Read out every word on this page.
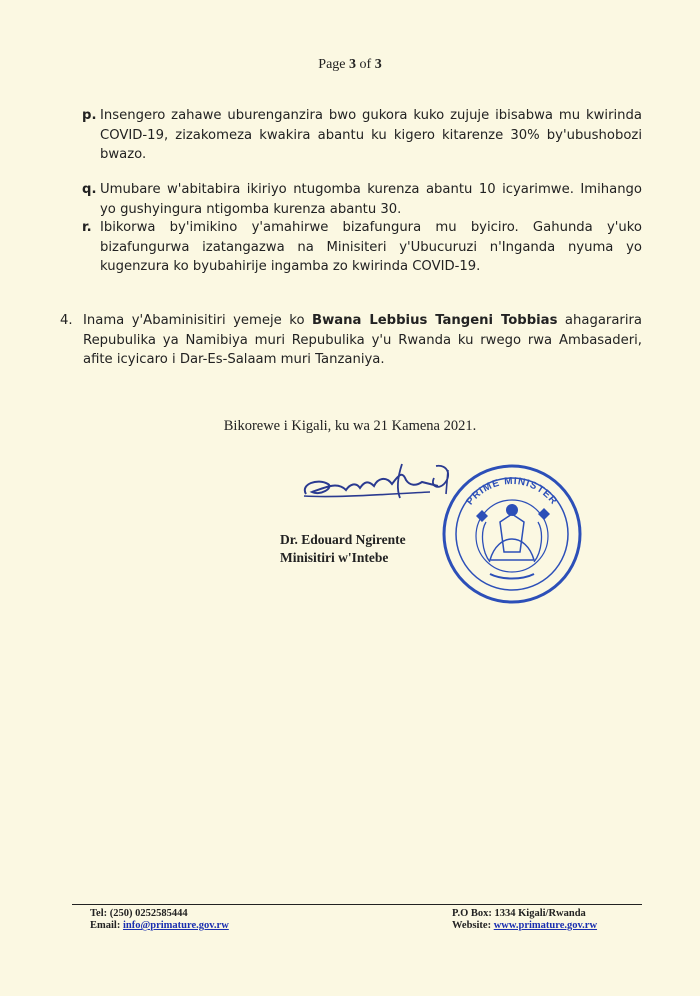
Page 3 of 3
p. Insengero zahawe uburenganzira bwo gukora kuko zujuje ibisabwa mu kwirinda COVID-19, zizakomeza kwakira abantu ku kigero kitarenze 30% by'ubushobozi bwazo.
q. Umubare w'abitabira ikiriyo ntugomba kurenza abantu 10 icyarimwe. Imihango yo gushyingura ntigomba kurenza abantu 30.
r. Ibikorwa by'imikino y'amahirwe bizafungura mu byiciro. Gahunda y'uko bizafungurwa izatangazwa na Minisiteri y'Ubucuruzi n'Inganda nyuma yo kugenzura ko byubahirije ingamba zo kwirinda COVID-19.
4. Inama y'Abaminisitiri yemeje ko Bwana Lebbius Tangeni Tobbias ahagararira Repubulika ya Namibiya muri Repubulika y'u Rwanda ku rwego rwa Ambasaderi, afite icyicaro i Dar-Es-Salaam muri Tanzaniya.
Bikorewe i Kigali, ku wa 21 Kamena 2021.
PRIME MINISTER
Dr. Edouard Ngirente
Minisitiri w'Intebe
Tel: (250) 0252585444
Email: info@primature.gov.rw
P.O Box: 1334 Kigali/Rwanda
Website: www.primature.gov.rw
